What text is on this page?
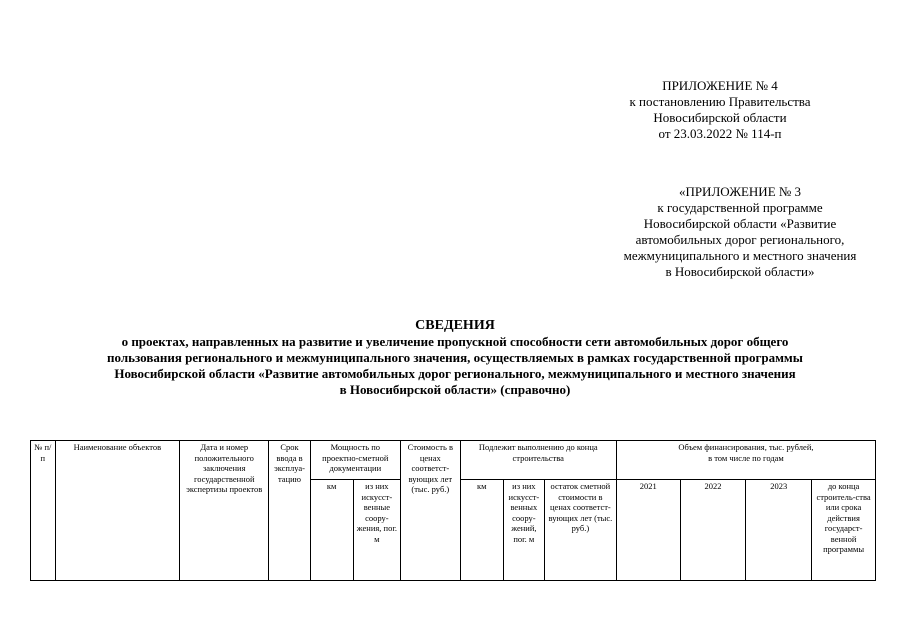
ПРИЛОЖЕНИЕ № 4
к постановлению Правительства
Новосибирской области
от 23.03.2022 № 114-п
«ПРИЛОЖЕНИЕ № 3
к государственной программе
Новосибирской области «Развитие
автомобильных дорог регионального,
межмуниципального и местного значения
в Новосибирской области»
СВЕДЕНИЯ
о проектах, направленных на развитие и увеличение пропускной способности сети автомобильных дорог общего
пользования регионального и межмуниципального значения, осуществляемых в рамках государственной программы
Новосибирской области «Развитие автомобильных дорог регионального, межмуниципального и местного значения
в Новосибирской области» (справочно)
№ п/п	Наименование объектов	Дата и номер положительного заключения государственной экспертизы проектов	Срок ввода в эксплуа-тацию	Мощность по проектно-сметной документации		Стоимость в ценах соответст-вующих лет (тыс. руб.)	Подлежит выполнению до конца строительства			Объем финансирования, тыс. рублей,
в том числе по годам			

				км	из них искусст-венные соору-жения, пог. м		км	из них искусст-венных соору-жений, пог. м	остаток сметной стоимости в ценах соответст-вующих лет (тыс. руб.)	2021	2022	2023	до конца строитель-ства или срока действия государст-венной программы
